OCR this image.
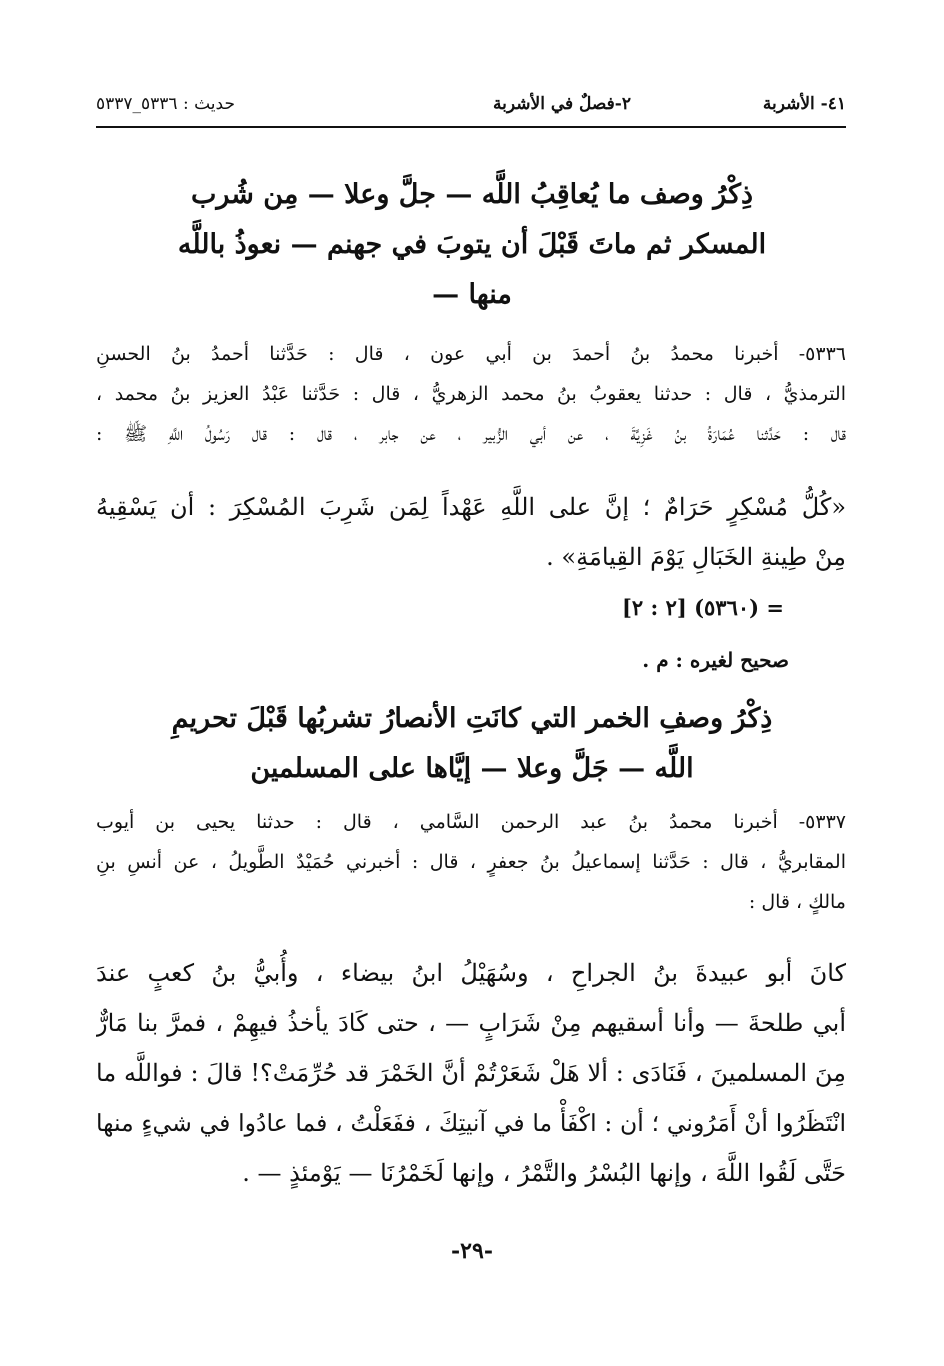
٤١- الأشربة
٢-فصلٌ في الأشربة
حديث : ٥٣٣٦_٥٣٣٧
ذِكْرُ وصف ما يُعاقِبُ اللَّه — جلَّ وعلا — مِن شُرب
المسكر ثم ماتَ قَبْلَ أن يتوبَ في جهنم — نعوذُ باللَّه
منها —
٥٣٣٦- أخبرنا محمدُ بنُ أحمدَ بن أبي عون ، قال : حَدَّثنا أحمدُ بنُ الحسنِ
الترمذيُّ ، قال : حدثنا يعقوبُ بنُ محمد الزهريُّ ، قال : حَدَّثنا عَبْدُ العزيز بنُ محمد ،
قال : حَدَّثنا عُمَارَةُ بنُ غَزِيَّةَ ، عن أبي الزُّبير ، عن جابر ، قال : قال رَسُولُ اللَّهِ ﷺ :
«كُلُّ مُسْكِرٍ حَرَامٌ ؛ إنَّ على اللَّهِ عَهْداً لِمَن شَرِبَ المُسْكِرَ : أن يَسْقِيهُ
مِنْ طِينةِ الخَبَالِ يَوْمَ القِيامَةِ» .
= (٥٣٦٠) [٢ : ٢]
صحيح لغيره : م .
ذِكْرُ وصفِ الخمر التي كانَتِ الأنصارُ تشربُها قَبْلَ تحريمِ
اللَّه — جَلَّ وعلا — إيَّاها على المسلمين
٥٣٣٧- أخبرنا محمدُ بنُ عبد الرحمن السَّامي ، قال : حدثنا يحيى بن أيوب
المقابريُّ ، قال : حَدَّثنا إسماعيلُ بنُ جعفرٍ ، قال : أخبرني حُمَيْدٌ الطَّويلُ ، عن أنسِ بنِ
مالكٍ ، قال :
كانَ أبو عبيدةَ بنُ الجراحِ ، وسُهَيْلُ ابنُ بيضاء ، وأُبيُّ بنُ كعبٍ عندَ
أبي طلحةَ — وأنا أسقيهم مِنْ شَرَابٍ — ، حتى كَادَ يأخذُ فيهِمْ ، فمرَّ بنا مَارٌّ
مِنَ المسلمينَ ، فَنَادَى : ألا هَلْ شَعَرْتُمْ أنَّ الخَمْرَ قد حُرِّمَتْ؟! قالَ : فواللَّه ما
انْتَظَرُوا أنْ أَمَرُوني ؛ أن : اكْفَأْ ما في آنيتِكَ ، ففَعَلْتُ ، فما عادُوا في شيءٍ منها
حَتَّى لَقُوا اللَّهَ ، وإنها البُسْرُ والتَّمْرُ ، وإنها لَخَمْرُنَا — يَوْمئذٍ — .
-٢٩-
